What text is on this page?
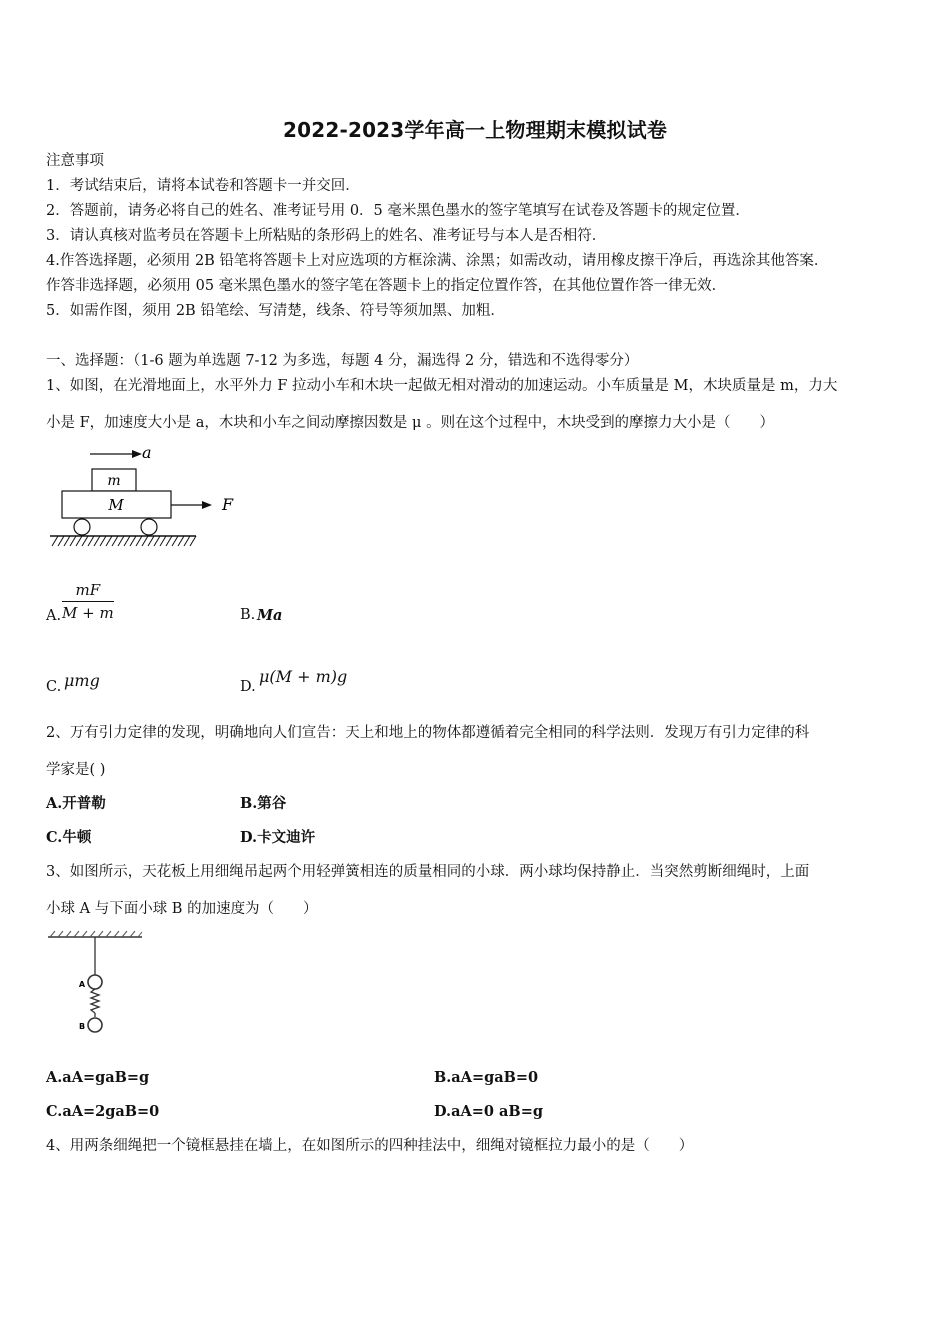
2022-2023学年高一上物理期末模拟试卷
注意事项
1．考试结束后，请将本试卷和答题卡一并交回．
2．答题前，请务必将自己的姓名、准考证号用 0．5 毫米黑色墨水的签字笔填写在试卷及答题卡的规定位置．
3．请认真核对监考员在答题卡上所粘贴的条形码上的姓名、准考证号与本人是否相符．
4.作答选择题，必须用 2B 铅笔将答题卡上对应选项的方框涂满、涂黑；如需改动，请用橡皮擦干净后，再选涂其他答案．
作答非选择题，必须用 05 毫米黑色墨水的签字笔在答题卡上的指定位置作答，在其他位置作答一律无效．
5．如需作图，须用 2B 铅笔绘、写清楚，线条、符号等须加黑、加粗．
一、选择题：（1-6 题为单选题 7-12 为多选，每题 4 分，漏选得 2 分，错选和不选得零分）
1、如图，在光滑地面上，水平外力 F 拉动小车和木块一起做无相对滑动的加速运动。小车质量是 M，木块质量是 m，力大
小是 F，加速度大小是 a，木块和小车之间动摩擦因数是 μ 。则在这个过程中，木块受到的摩擦力大小是（　　）
a
m
M	F
A.
mF
M + m	B. Ma
C. μmg	D.
μ(M + m)g
2、万有引力定律的发现，明确地向人们宣告：天上和地上的物体都遵循着完全相同的科学法则．发现万有引力定律的科
学家是( )
A.开普勒	B.第谷
C.牛顿	D.卡文迪许
3、如图所示，天花板上用细绳吊起两个用轻弹簧相连的质量相同的小球．两小球均保持静止．当突然剪断细绳时，上面
小球 A 与下面小球 B 的加速度为（　　）
A
B
A.aA=gaB=g	B.aA=gaB=0
C.aA=2gaB=0	D.aA=0 aB=g
4、用两条细绳把一个镜框悬挂在墙上，在如图所示的四种挂法中，细绳对镜框拉力最小的是（　　）
